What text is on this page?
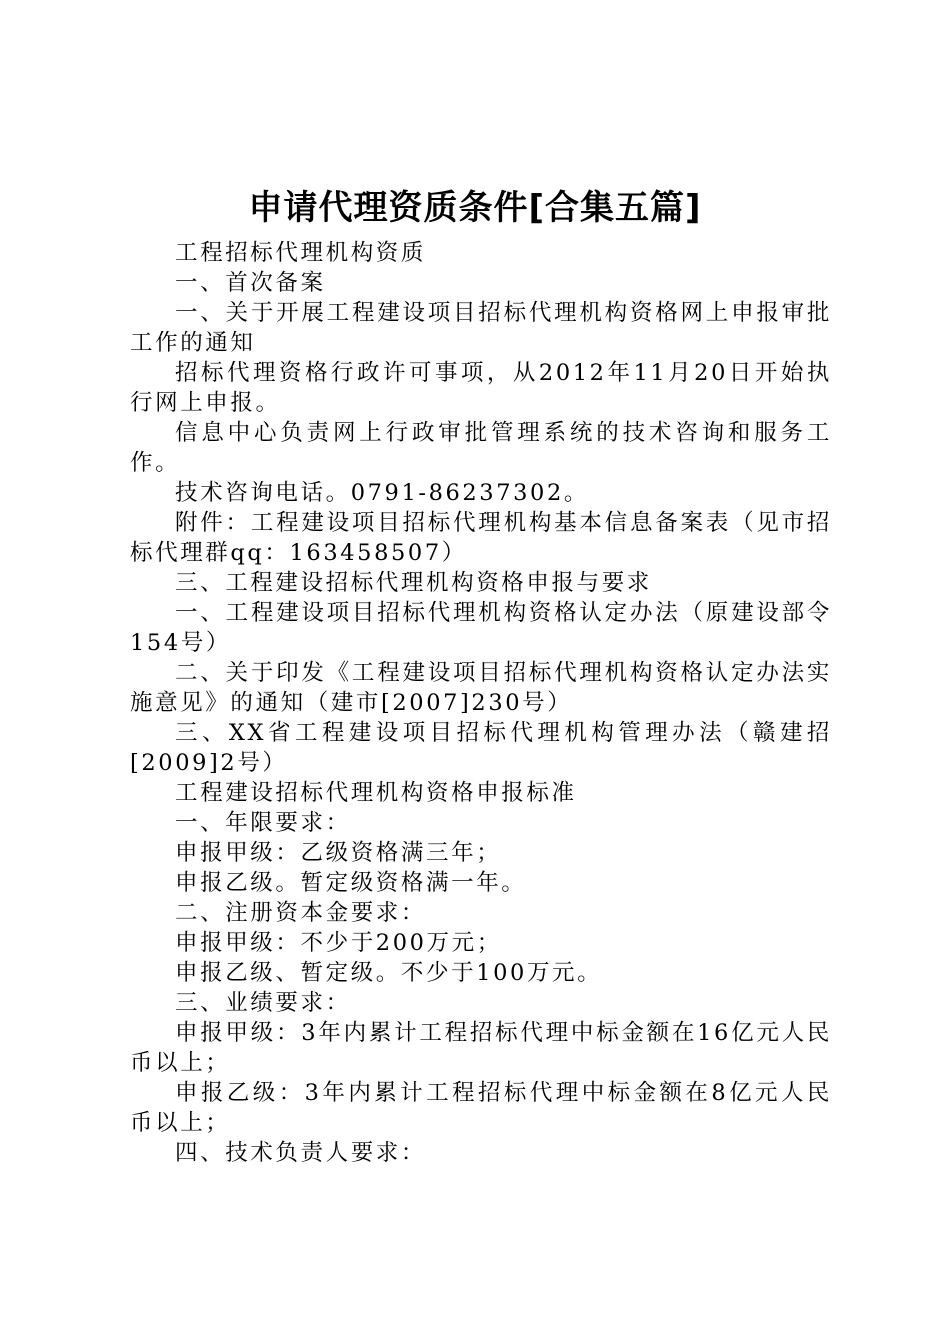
申请代理资质条件[合集五篇]

工程招标代理机构资质

一、首次备案

一、关于开展工程建设项目招标代理机构资格网上申报审批工作的通知

招标代理资格行政许可事项，从2012年11月20日开始执行网上申报。

信息中心负责网上行政审批管理系统的技术咨询和服务工作。

技术咨询电话。0791-86237302。

附件：工程建设项目招标代理机构基本信息备案表（见市招标代理群qq：163458507）

三、工程建设招标代理机构资格申报与要求

一、工程建设项目招标代理机构资格认定办法（原建设部令154号）

二、关于印发《工程建设项目招标代理机构资格认定办法实施意见》的通知（建市[2007]230号）

三、XX省工程建设项目招标代理机构管理办法（赣建招[2009]2号）

工程建设招标代理机构资格申报标准

一、年限要求：

申报甲级：乙级资格满三年；

申报乙级。暂定级资格满一年。

二、注册资本金要求：

申报甲级：不少于200万元；

申报乙级、暂定级。不少于100万元。

三、业绩要求：

申报甲级：3年内累计工程招标代理中标金额在16亿元人民币以上；

申报乙级：3年内累计工程招标代理中标金额在8亿元人民币以上；

四、技术负责人要求：
